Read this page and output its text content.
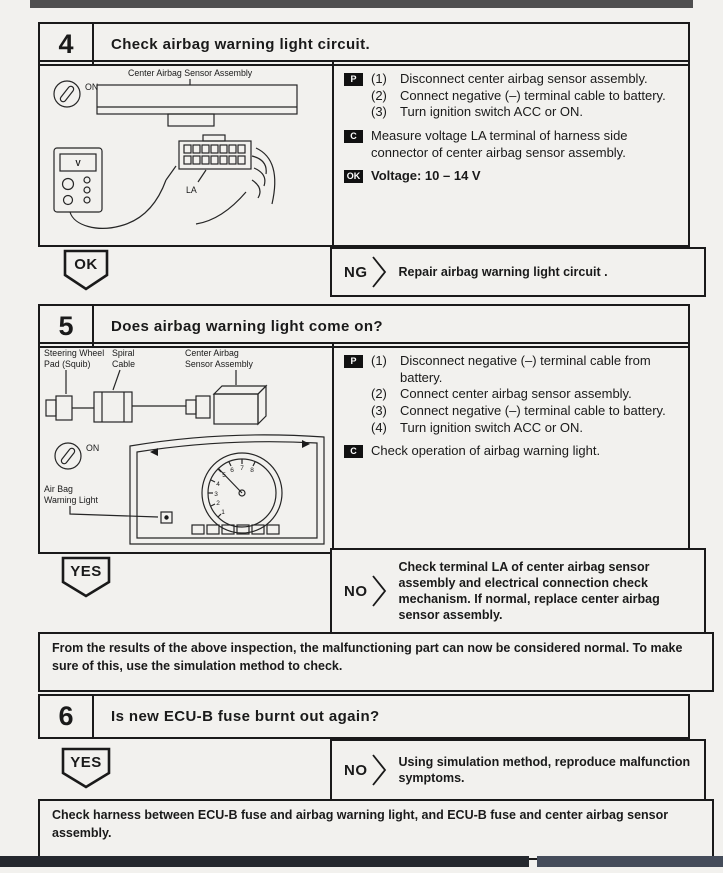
4	Check airbag warning light circuit.
Center Airbag Sensor Assembly
ON
LA
V
P	(1)	Disconnect center airbag sensor assembly.
(2)	Connect negative (–) terminal cable to battery.
(3)	Turn ignition switch ACC or ON.
C	Measure voltage LA terminal of harness side connector of center airbag sensor assembly.
OK Voltage: 10 – 14 V
OK	NG Repair airbag warning light circuit .
5	Does airbag warning light come on?
Steering Wheel
Pad (Squib)
Spiral
Cable
Center Airbag
Sensor Assembly
ON
Air Bag
Warning Light
1
2
3
4
5
6 7 8
P	(1)	Disconnect negative (–) terminal cable from battery.
(2)	Connect center airbag sensor assembly.
(3)	Connect negative (–) terminal cable to battery.
(4)	Turn ignition switch ACC or ON.
C	Check operation of airbag warning light.
YES
NO
Check terminal LA of center airbag sensor assembly and electrical connection check mechanism. If normal, replace center airbag sensor assembly.
From the results of the above inspection, the malfunctioning part can now be considered normal. To make sure of this, use the simulation method to check.
6	Is new ECU-B fuse burnt out again?
YES	NO Using simulation method, reproduce malfunction symptoms.
Check harness between ECU-B fuse and airbag warning light, and ECU-B fuse and center airbag sensor assembly.
